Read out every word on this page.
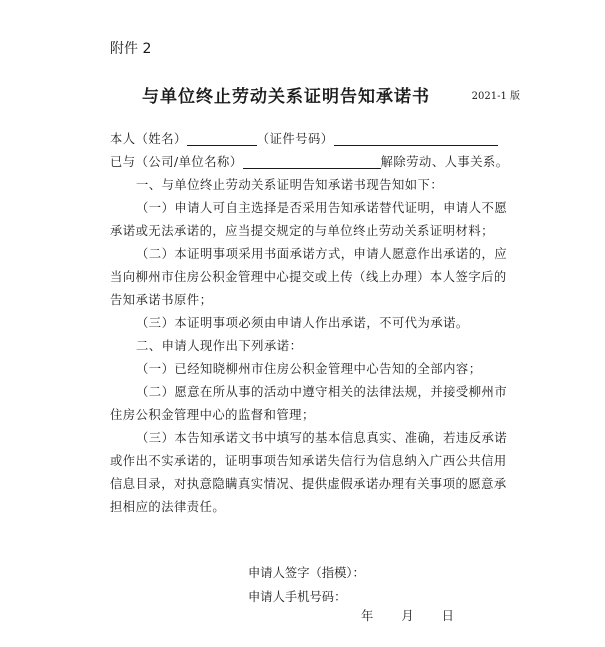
附件 2
与单位终止劳动关系证明告知承诺书	2021-1 版
本人（姓名）	（证件号码）
已与（公司/单位名称）	解除劳动、人事关系。
一、与单位终止劳动关系证明告知承诺书现告知如下：
（一）申请人可自主选择是否采用告知承诺替代证明，申请人不愿
承诺或无法承诺的，应当提交规定的与单位终止劳动关系证明材料；
（二）本证明事项采用书面承诺方式，申请人愿意作出承诺的，应
当向柳州市住房公积金管理中心提交或上传（线上办理）本人签字后的
告知承诺书原件；
（三）本证明事项必须由申请人作出承诺，不可代为承诺。
二、申请人现作出下列承诺：
（一）已经知晓柳州市住房公积金管理中心告知的全部内容；
（二）愿意在所从事的活动中遵守相关的法律法规，并接受柳州市
住房公积金管理中心的监督和管理；
（三）本告知承诺文书中填写的基本信息真实、准确，若违反承诺
或作出不实承诺的，证明事项告知承诺失信行为信息纳入广西公共信用
信息目录，对执意隐瞒真实情况、提供虚假承诺办理有关事项的愿意承
担相应的法律责任。
申请人签字（指模）：
申请人手机号码：
年 月 日
